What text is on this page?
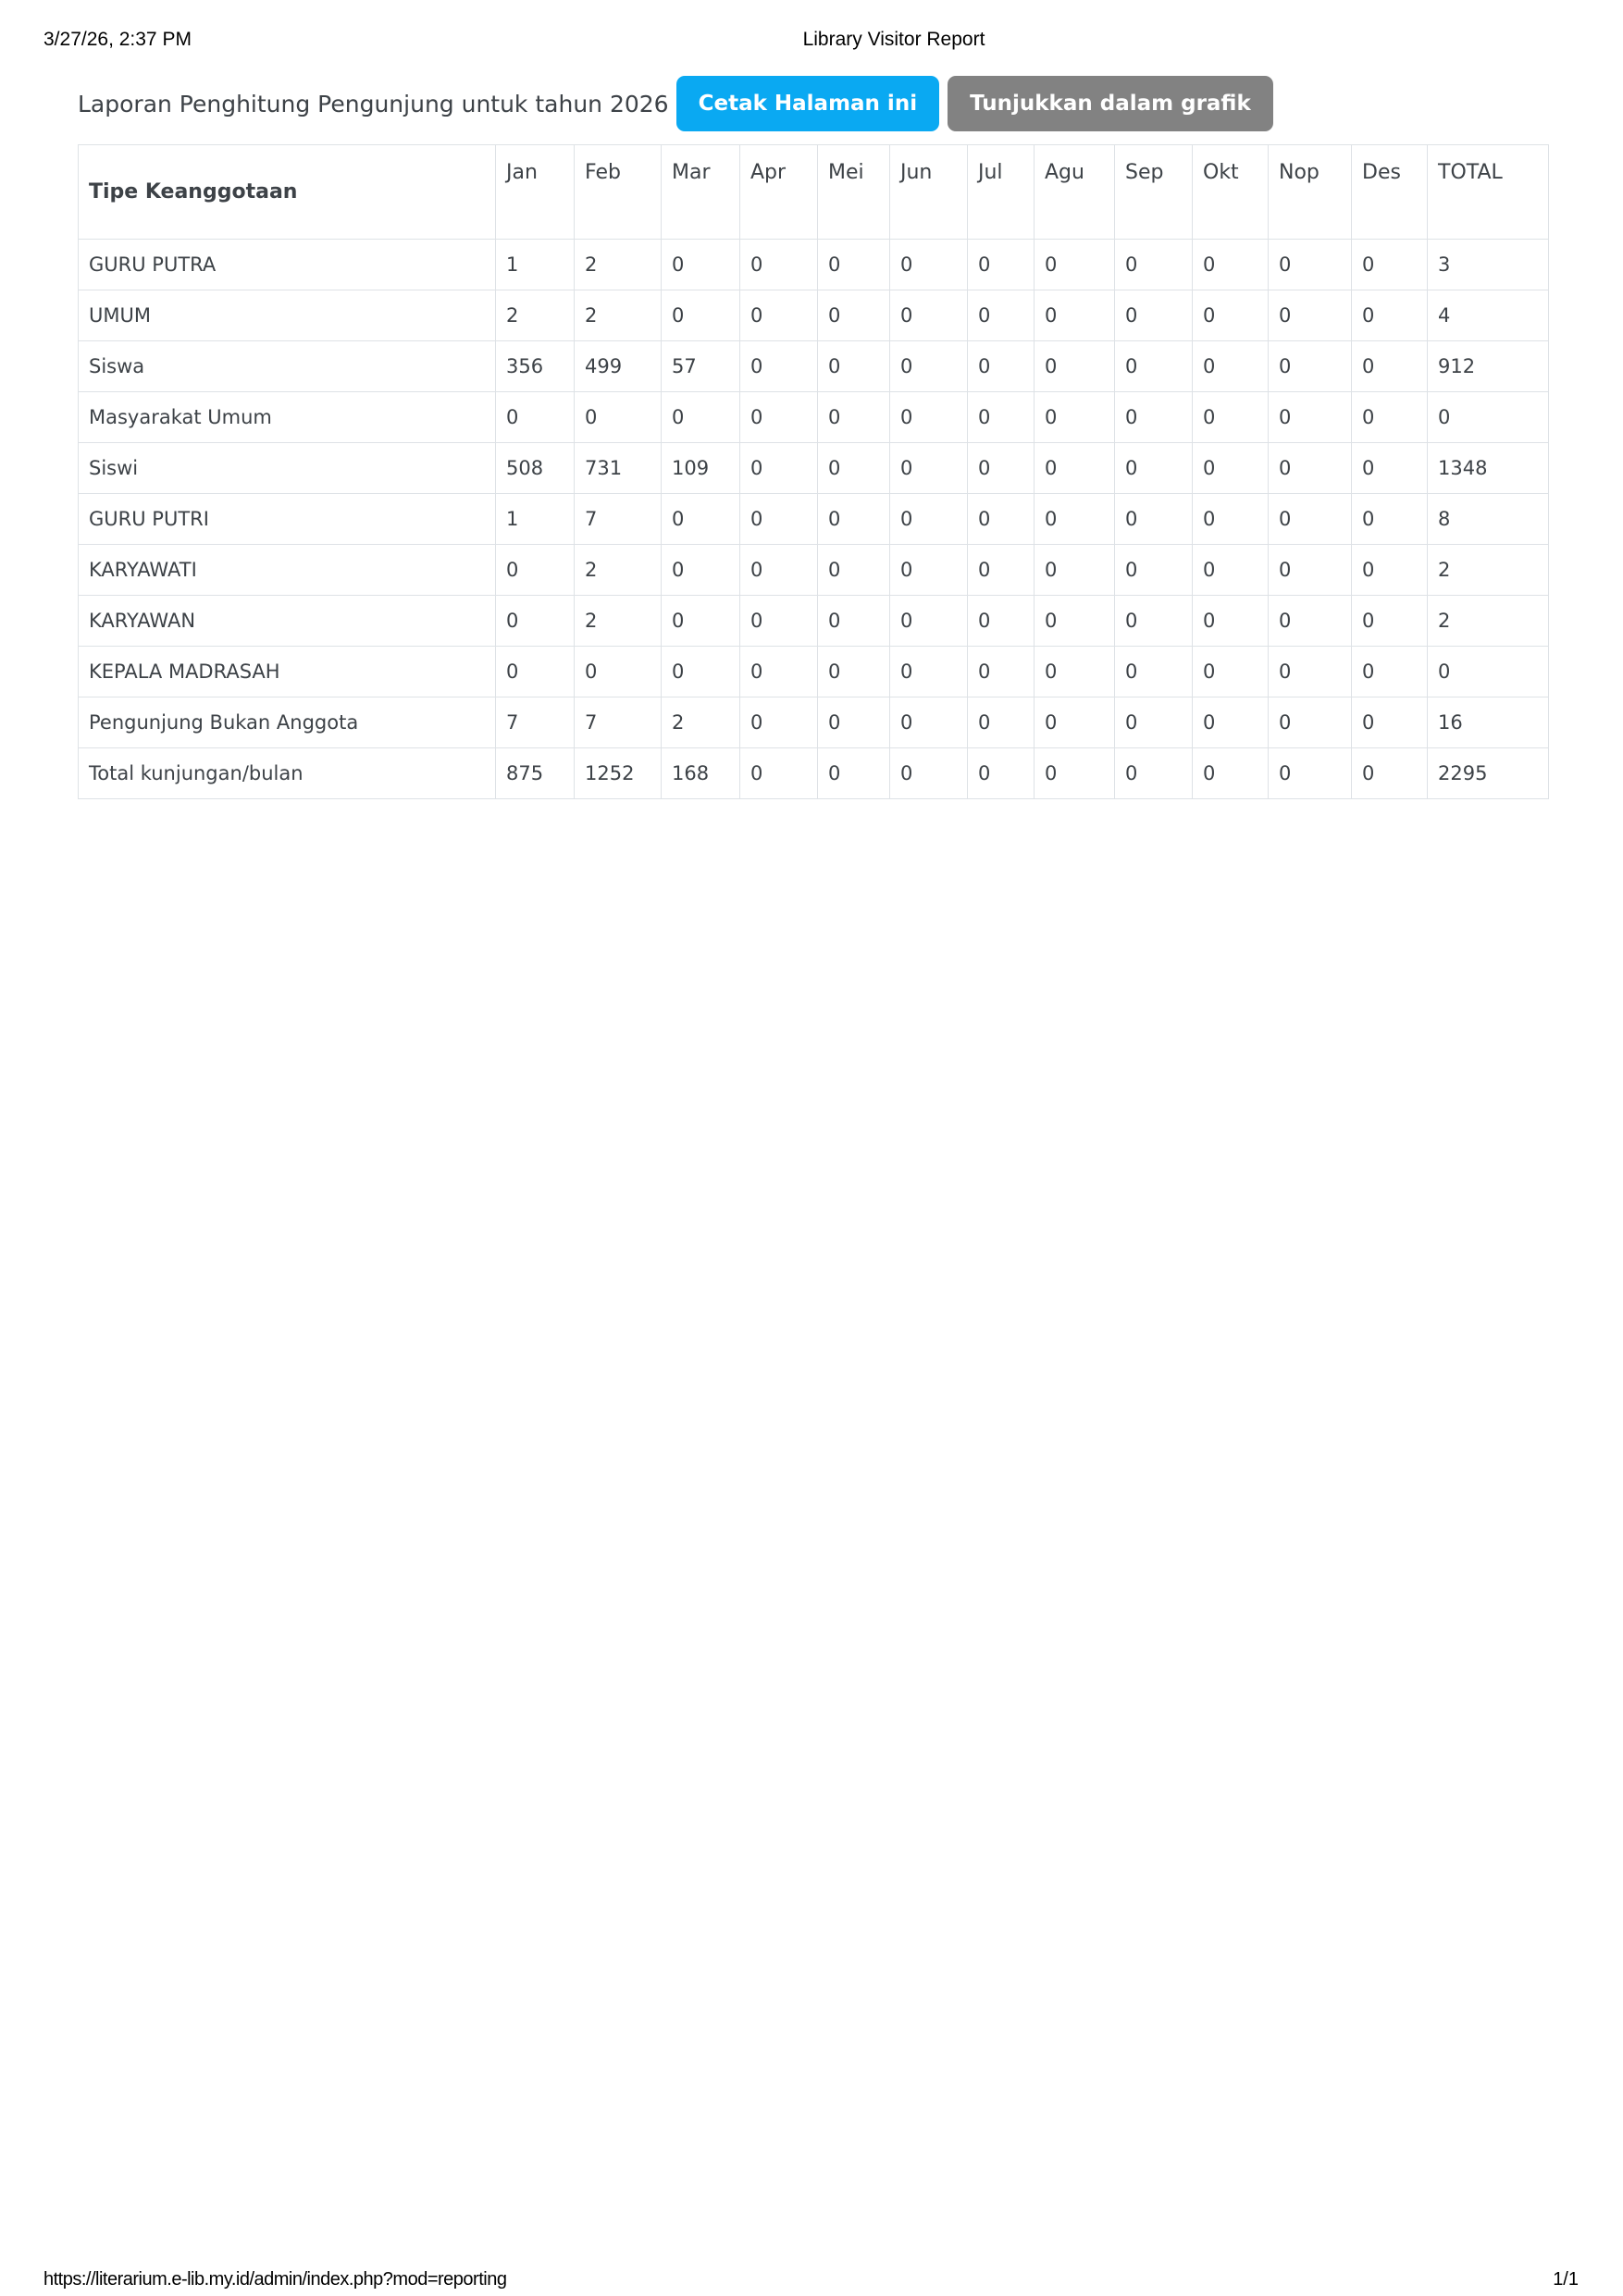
3/27/26, 2:37 PM	Library Visitor Report
Laporan Penghitung Pengunjung untuk tahun 2026	Cetak Halaman ini	Tunjukkan dalam grafik
Tipe Keanggotaan	Jan	Feb	Mar	Apr	Mei	Jun	Jul	Agu	Sep	Okt	Nop	Des	TOTAL
GURU PUTRA	1	2	0	0	0	0	0	0	0	0	0	0	3
UMUM	2	2	0	0	0	0	0	0	0	0	0	0	4
Siswa	356	499	57	0	0	0	0	0	0	0	0	0	912
Masyarakat Umum	0	0	0	0	0	0	0	0	0	0	0	0	0
Siswi	508	731	109	0	0	0	0	0	0	0	0	0	1348
GURU PUTRI	1	7	0	0	0	0	0	0	0	0	0	0	8
KARYAWATI	0	2	0	0	0	0	0	0	0	0	0	0	2
KARYAWAN	0	2	0	0	0	0	0	0	0	0	0	0	2
KEPALA MADRASAH	0	0	0	0	0	0	0	0	0	0	0	0	0
Pengunjung Bukan Anggota	7	7	2	0	0	0	0	0	0	0	0	0	16
Total kunjungan/bulan	875	1252	168	0	0	0	0	0	0	0	0	0	2295
https://literarium.e-lib.my.id/admin/index.php?mod=reporting	1/1
